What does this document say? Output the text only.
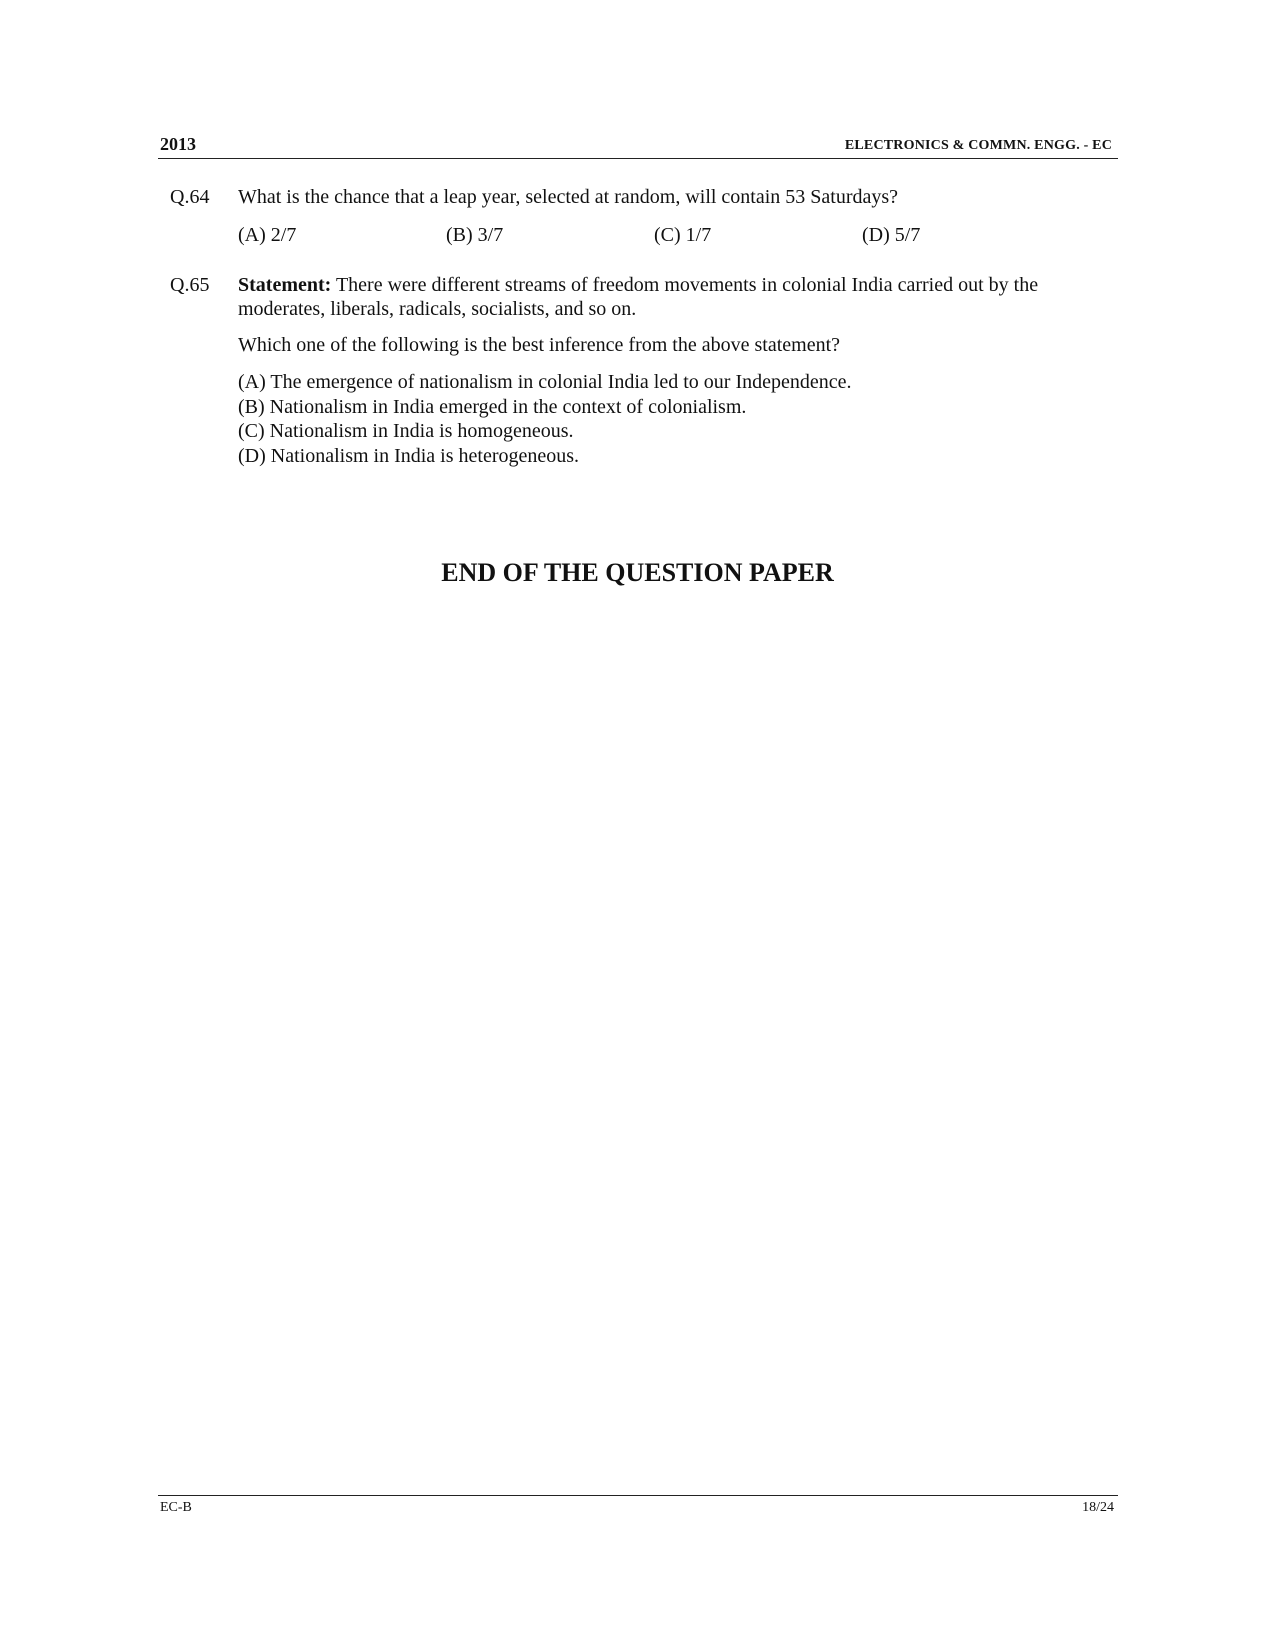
2013	ELECTRONICS & COMMN. ENGG. - EC
Q.64 What is the chance that a leap year, selected at random, will contain 53 Saturdays?
(A) 2/7	(B) 3/7	(C) 1/7	(D) 5/7
Q.65 Statement: There were different streams of freedom movements in colonial India carried out by the moderates, liberals, radicals, socialists, and so on.

Which one of the following is the best inference from the above statement?

(A) The emergence of nationalism in colonial India led to our Independence.
(B) Nationalism in India emerged in the context of colonialism.
(C) Nationalism in India is homogeneous.
(D) Nationalism in India is heterogeneous.
END OF THE QUESTION PAPER
EC-B	18/24
